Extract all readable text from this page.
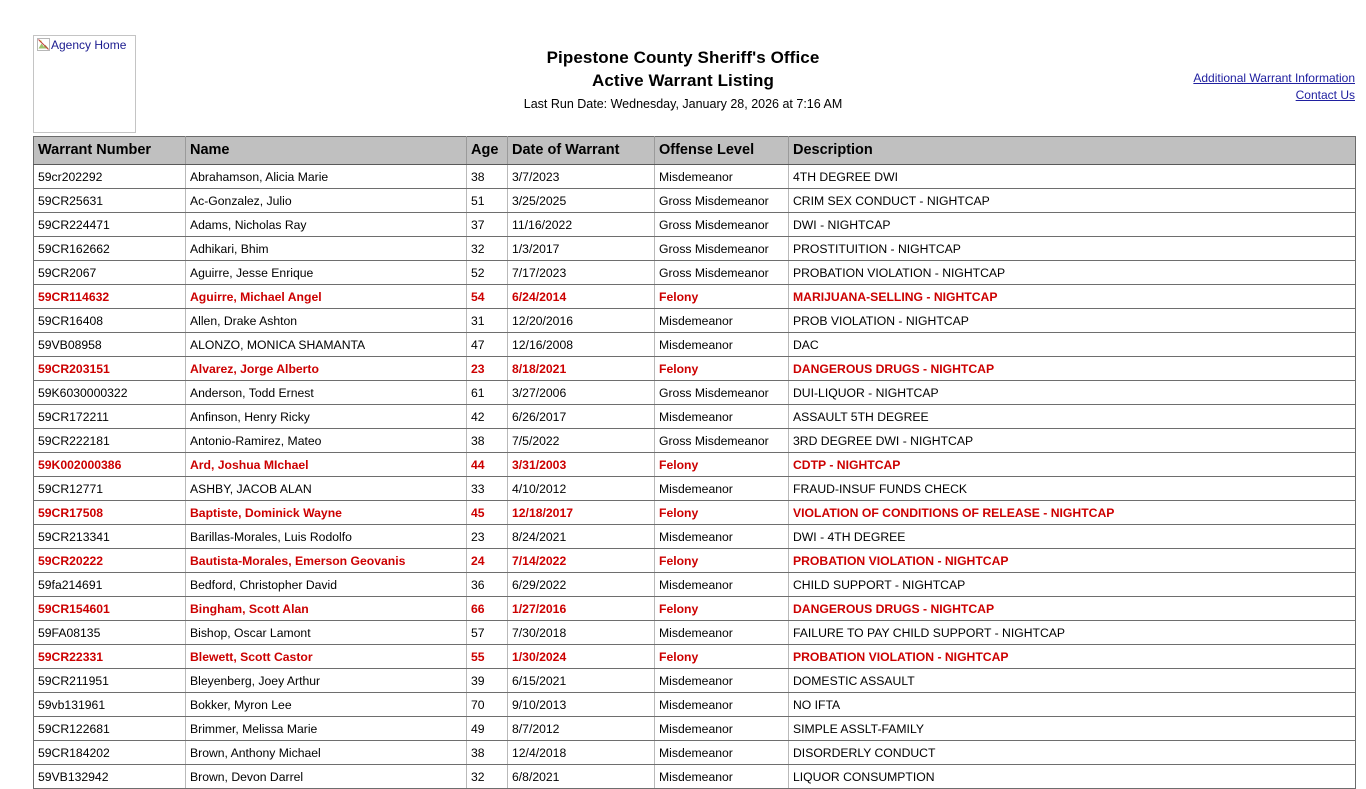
Agency Home
Pipestone County Sheriff's Office
Active Warrant Listing
Last Run Date: Wednesday, January 28, 2026 at 7:16 AM
Additional Warrant Information
Contact Us
Warrant Number	Name	Age	Date of Warrant	Offense Level	Description
59cr202292	Abrahamson, Alicia Marie	38	3/7/2023	Misdemeanor	4TH DEGREE DWI
59CR25631	Ac-Gonzalez, Julio	51	3/25/2025	Gross Misdemeanor	CRIM SEX CONDUCT - NIGHTCAP
59CR224471	Adams, Nicholas Ray	37	11/16/2022	Gross Misdemeanor	DWI - NIGHTCAP
59CR162662	Adhikari, Bhim	32	1/3/2017	Gross Misdemeanor	PROSTITUITION - NIGHTCAP
59CR2067	Aguirre, Jesse Enrique	52	7/17/2023	Gross Misdemeanor	PROBATION VIOLATION - NIGHTCAP
59CR114632	Aguirre, Michael Angel	54	6/24/2014	Felony	MARIJUANA-SELLING - NIGHTCAP
59CR16408	Allen, Drake Ashton	31	12/20/2016	Misdemeanor	PROB VIOLATION - NIGHTCAP
59VB08958	ALONZO, MONICA SHAMANTA	47	12/16/2008	Misdemeanor	DAC
59CR203151	Alvarez, Jorge Alberto	23	8/18/2021	Felony	DANGEROUS DRUGS - NIGHTCAP
59K6030000322	Anderson, Todd Ernest	61	3/27/2006	Gross Misdemeanor	DUI-LIQUOR - NIGHTCAP
59CR172211	Anfinson, Henry Ricky	42	6/26/2017	Misdemeanor	ASSAULT 5TH DEGREE
59CR222181	Antonio-Ramirez, Mateo	38	7/5/2022	Gross Misdemeanor	3RD DEGREE DWI - NIGHTCAP
59K002000386	Ard, Joshua MIchael	44	3/31/2003	Felony	CDTP - NIGHTCAP
59CR12771	ASHBY, JACOB ALAN	33	4/10/2012	Misdemeanor	FRAUD-INSUF FUNDS CHECK
59CR17508	Baptiste, Dominick Wayne	45	12/18/2017	Felony	VIOLATION OF CONDITIONS OF RELEASE - NIGHTCAP
59CR213341	Barillas-Morales, Luis Rodolfo	23	8/24/2021	Misdemeanor	DWI - 4TH DEGREE
59CR20222	Bautista-Morales, Emerson Geovanis	24	7/14/2022	Felony	PROBATION VIOLATION - NIGHTCAP
59fa214691	Bedford, Christopher David	36	6/29/2022	Misdemeanor	CHILD SUPPORT - NIGHTCAP
59CR154601	Bingham, Scott Alan	66	1/27/2016	Felony	DANGEROUS DRUGS - NIGHTCAP
59FA08135	Bishop, Oscar Lamont	57	7/30/2018	Misdemeanor	FAILURE TO PAY CHILD SUPPORT - NIGHTCAP
59CR22331	Blewett, Scott Castor	55	1/30/2024	Felony	PROBATION VIOLATION - NIGHTCAP
59CR211951	Bleyenberg, Joey Arthur	39	6/15/2021	Misdemeanor	DOMESTIC ASSAULT
59vb131961	Bokker, Myron Lee	70	9/10/2013	Misdemeanor	NO IFTA
59CR122681	Brimmer, Melissa Marie	49	8/7/2012	Misdemeanor	SIMPLE ASSLT-FAMILY
59CR184202	Brown, Anthony Michael	38	12/4/2018	Misdemeanor	DISORDERLY CONDUCT
59VB132942	Brown, Devon Darrel	32	6/8/2021	Misdemeanor	LIQUOR CONSUMPTION
